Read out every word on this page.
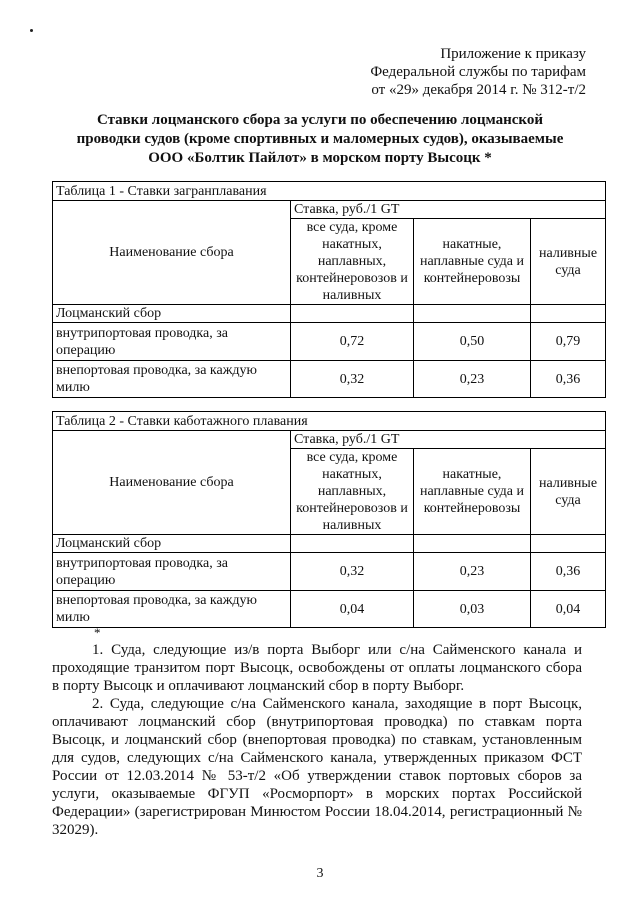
Приложение к приказу
Федеральной службы по тарифам
от «29» декабря 2014 г. № 312-т/2
Ставки лоцманского сбора за услуги по обеспечению лоцманской
проводки судов (кроме спортивных и маломерных судов), оказываемые
ООО «Болтик Пайлот» в морском порту Высоцк *
Таблица 1 - Ставки загранплавания			
Наименование сбора	Ставка, руб./1 GT		
	все суда, кроме накатных, наплавных, контейнеровозов и наливных	накатные, наплавные суда и контейнеровозы	наливные суда
Лоцманский сбор			
внутрипортовая проводка, за операцию	0,72	0,50	0,79
внепортовая проводка, за каждую милю	0,32	0,23	0,36
Таблица 2 - Ставки каботажного плавания			
Наименование сбора	Ставка, руб./1 GT		
	все суда, кроме накатных, наплавных, контейнеровозов и наливных	накатные, наплавные суда и контейнеровозы	наливные суда
Лоцманский сбор			
внутрипортовая проводка, за операцию	0,32	0,23	0,36
внепортовая проводка, за каждую милю	0,04	0,03	0,04
*

1. Суда, следующие из/в порта Выборг или с/на Сайменского канала и проходящие транзитом порт Высоцк, освобождены от оплаты лоцманского сбора в порту Высоцк и оплачивают лоцманский сбор в порту Выборг.

2. Суда, следующие с/на Сайменского канала, заходящие в порт Высоцк, оплачивают лоцманский сбор (внутрипортовая проводка) по ставкам порта Высоцк, и лоцманский сбор (внепортовая проводка) по ставкам, установленным для судов, следующих с/на Сайменского канала, утвержденных приказом ФСТ России от 12.03.2014 № 53-т/2 «Об утверждении ставок портовых сборов за услуги, оказываемые ФГУП «Росморпорт» в морских портах Российской Федерации» (зарегистрирован Минюстом России 18.04.2014, регистрационный № 32029).

3
